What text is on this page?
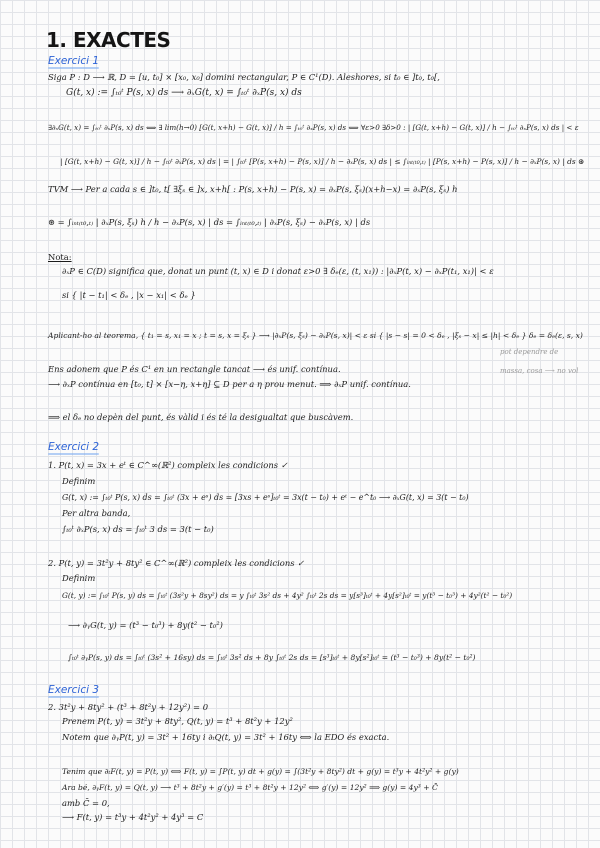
1. EXACTES
Exercici 1
Siga P : D ⟶ ℝ, D = [u, t₀] × [x₀, x₀] domini rectangular, P ∈ C¹(D). Aleshores, si t₀ ∈ ]t₀, t₀[,
G(t, x) := ∫ₜ₀ᵗ P(s, x) ds ⟶ ∂ₓG(t, x) = ∫ₜ₀ᵗ ∂ₓP(s, x) ds
∃∂ₓG(t, x) = ∫ₜ₀ᵗ ∂ₓP(s, x) ds ⟺ ∃ lim(h→0) [G(t, x+h) − G(t, x)] / h = ∫ₜ₀ᵗ ∂ₓP(s, x) ds ⟺ ∀ε>0 ∃δ>0 : | [G(t, x+h) − G(t, x)] / h − ∫ₜ₀ᵗ ∂ₓP(s, x) ds | < ε
| [G(t, x+h) − G(t, x)] / h − ∫ₜ₀ᵗ ∂ₓP(s, x) ds | = | ∫ₜ₀ᵗ [P(s, x+h) − P(s, x)] / h − ∂ₓP(s, x) ds | ≤ ∫ᵢₙₜ₍ₜ₀,ₜ₎ | [P(s, x+h) − P(s, x)] / h − ∂ₓP(s, x) | ds ⊛
TVM ⟶ Per a cada s ∈ ]t₀, t[ ∃ξₛ ∈ ]x, x+h[ : P(s, x+h) − P(s, x) = ∂ₓP(s, ξₛ)(x+h−x) = ∂ₓP(s, ξₛ) h
⊛ = ∫ᵢₙₜ₍ₜ₀,ₜ₎ | ∂ₓP(s, ξₛ) h / h − ∂ₓP(s, x) | ds = ∫ᵢₙₜ₍ₜ₀,ₜ₎ | ∂ₓP(s, ξₛ) − ∂ₓP(s, x) | ds
Nota:
∂ₓP ∈ C(D) significa que, donat un punt (t, x) ∈ D i donat ε>0 ∃ δₑ(ε, (t, x₁)) : |∂ₓP(t, x) − ∂ₓP(t₁, x₁)| < ε
si { |t − t₁| < δₑ , |x − x₁| < δₑ }
Aplicant-ho al teorema, { t₁ = s, x₁ = x ; t = s, x = ξₛ } ⟶ |∂ₓP(s, ξₛ) − ∂ₓP(s, x)| < ε si { |s − s| = 0 < δₑ , |ξₛ − x| ≤ |h| < δₑ } δₑ = δₑ(ε, s, x)
pot dependre de
Ens adonem que P és C¹ en un rectangle tancat ⟶ és unif. contínua.	massa, cosa ⟶ no vol
⟶ ∂ₓP contínua en [t₀, t] × [x−η, x+η] ⊆ D per a η prou menut. ⟹ ∂ₓP unif. contínua.
⟹ el δₑ no depèn del punt, és vàlid i és té la desigualtat que buscàvem.
Exercici 2
1. P(t, x) = 3x + eᵗ ∈ C^∞(ℝ²) compleix les condicions ✓
Definim
G(t, x) := ∫ₜ₀ᵗ P(s, x) ds = ∫ₜ₀ᵗ (3x + eˢ) ds = [3xs + eˢ]ₜ₀ᵗ = 3x(t − t₀) + eᵗ − e^t₀ ⟶ ∂ₓG(t, x) = 3(t − t₀)
Per altra banda,
∫ₜ₀ᵗ ∂ₓP(s, x) ds = ∫ₜ₀ᵗ 3 ds = 3(t − t₀)
2. P(t, y) = 3t²y + 8ty² ∈ C^∞(ℝ²) compleix les condicions ✓
Definim
G(t, y) := ∫ₜ₀ᵗ P(s, y) ds = ∫ₜ₀ᵗ (3s²y + 8sy²) ds = y ∫ₜ₀ᵗ 3s² ds + 4y² ∫ₜ₀ᵗ 2s ds = y[s³]ₜ₀ᵗ + 4y[s²]ₜ₀ᵗ = y(t³ − t₀³) + 4y²(t² − t₀²)
⟶ ∂ᵧG(t, y) = (t³ − t₀³) + 8y(t² − t₀²)
∫ₜ₀ᵗ ∂ᵧP(s, y) ds = ∫ₜ₀ᵗ (3s² + 16sy) ds = ∫ₜ₀ᵗ 3s² ds + 8y ∫ₜ₀ᵗ 2s ds = [s³]ₜ₀ᵗ + 8y[s²]ₜ₀ᵗ = (t³ − t₀³) + 8y(t² − t₀²)
Exercici 3
2. 3t²y + 8ty² + (t³ + 8t²y + 12y²) = 0
Prenem P(t, y) = 3t²y + 8ty², Q(t, y) = t³ + 8t²y + 12y²
Notem que ∂ᵧP(t, y) = 3t² + 16ty i ∂ₜQ(t, y) = 3t² + 16ty ⟺ la EDO és exacta.
Tenim que ∂ₜF(t, y) = P(t, y) ⟺ F(t, y) = ∫P(t, y) dt + g(y) = ∫(3t²y + 8ty²) dt + g(y) = t³y + 4t²y² + g(y)
Ara bé, ∂ᵧF(t, y) = Q(t, y) ⟶ t³ + 8t²y + g′(y) = t³ + 8t²y + 12y² ⟺ g′(y) = 12y² ⟹ g(y) = 4y³ + C̄
amb C̄ = 0,
⟶ F(t, y) = t³y + 4t²y² + 4y³ = C
